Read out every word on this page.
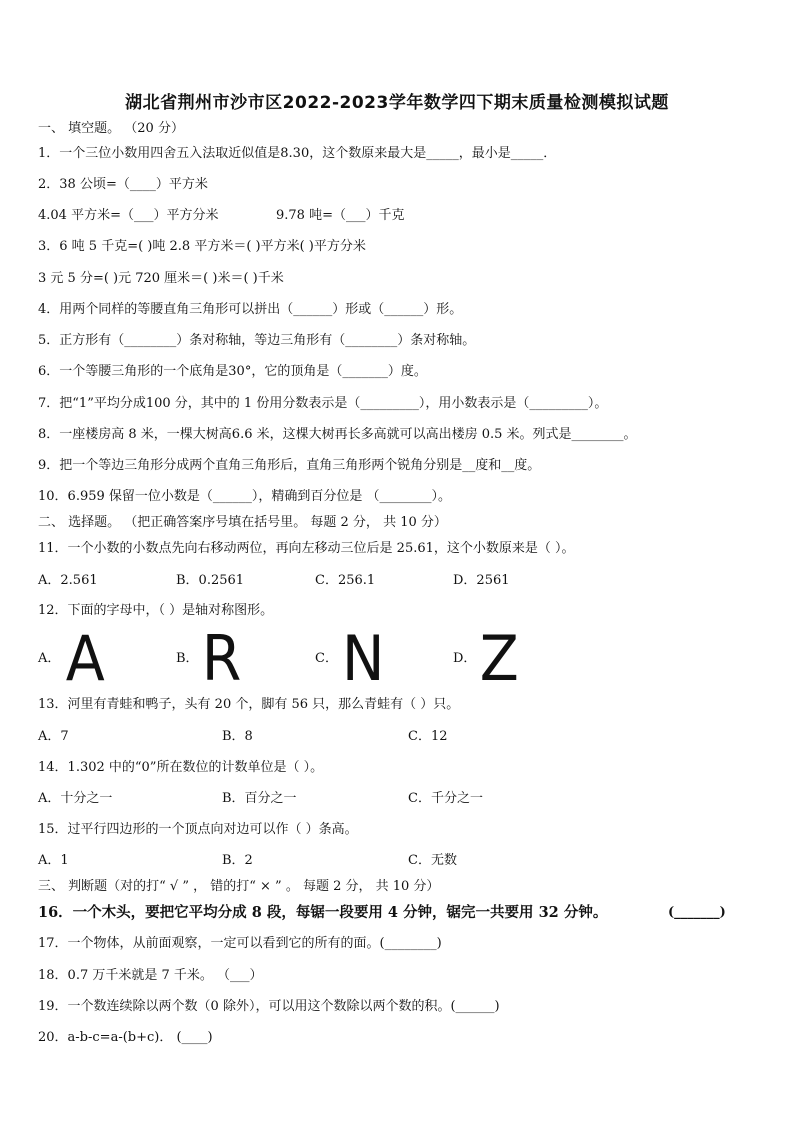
湖北省荆州市沙市区2022-2023学年数学四下期末质量检测模拟试题
一、 填空题。 （20 分）
1．一个三位小数用四舍五入法取近似值是8.30，这个数原来最大是_____，最小是_____．
2．38 公顷=（____）平方米
4.04 平方米=（___）平方分米	9.78 吨=（___）千克
3．6 吨 5 千克=( )吨 2.8 平方米＝( )平方米( )平方分米
3 元 5 分=( )元 720 厘米＝( )米＝( )千米
4．用两个同样的等腰直角三角形可以拼出（______）形或（______）形。
5．正方形有（________）条对称轴，等边三角形有（________）条对称轴。
6．一个等腰三角形的一个底角是30°，它的顶角是（_______）度。
7．把“1”平均分成100 分，其中的 1 份用分数表示是（_________），用小数表示是（_________）。
8．一座楼房高 8 米，一棵大树高6.6 米，这棵大树再长多高就可以高出楼房 0.5 米。列式是________。
9．把一个等边三角形分成两个直角三角形后，直角三角形两个锐角分别是__度和__度。
10．6.959 保留一位小数是（______），精确到百分位是 （________）。
二、 选择题。 （把正确答案序号填在括号里。 每题 2 分， 共 10 分）
11．一个小数的小数点先向右移动两位，再向左移动三位后是 25.61，这个小数原来是（ ）。
A．2.561	B．0.2561	C．256.1	D．2561
12．下面的字母中，（ ）是轴对称图形。
A． A	B． R	C． N	D． Z
13．河里有青蛙和鸭子，头有 20 个，脚有 56 只，那么青蛙有（ ）只。
A．7	B．8	C．12
14．1.302 中的“0”所在数位的计数单位是（ ）。
A．十分之一	B．百分之一	C．千分之一
15．过平行四边形的一个顶点向对边可以作（ ）条高。
A．1	B．2	C．无数
三、 判断题（对的打“ √ ” ， 错的打“ × ” 。 每题 2 分， 共 10 分）
16．一个木头，要把它平均分成 8 段，每锯一段要用 4 分钟，锯完一共要用 32 分钟。	(_______)
17．一个物体，从前面观察，一定可以看到它的所有的面。(________)
18．0.7 万千米就是 7 千米。 （___）
19．一个数连续除以两个数（0 除外），可以用这个数除以两个数的积。(______)
20．a-b-c=a-(b+c)． (____)
